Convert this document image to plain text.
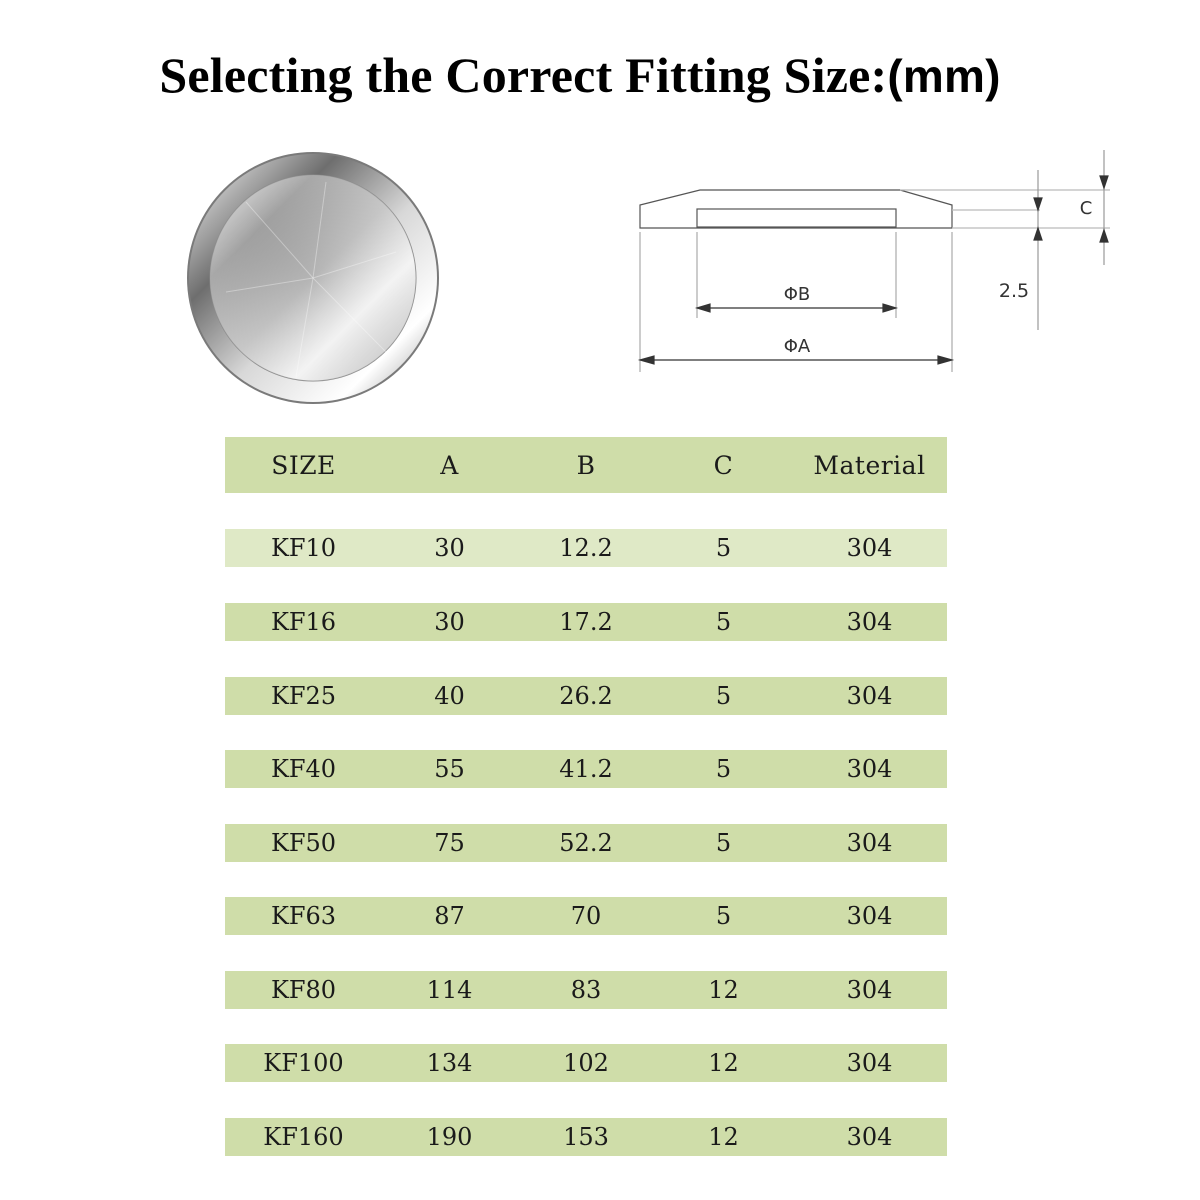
Selecting the Correct Fitting Size:(mm)
ΦB
ΦA
C
2.5
SIZE	A	B	C	Material
KF10	30	12.2	5	304
KF16	30	17.2	5	304
KF25	40	26.2	5	304
KF40	55	41.2	5	304
KF50	75	52.2	5	304
KF63	87	70	5	304
KF80	114	83	12	304
KF100	134	102	12	304
KF160	190	153	12	304
